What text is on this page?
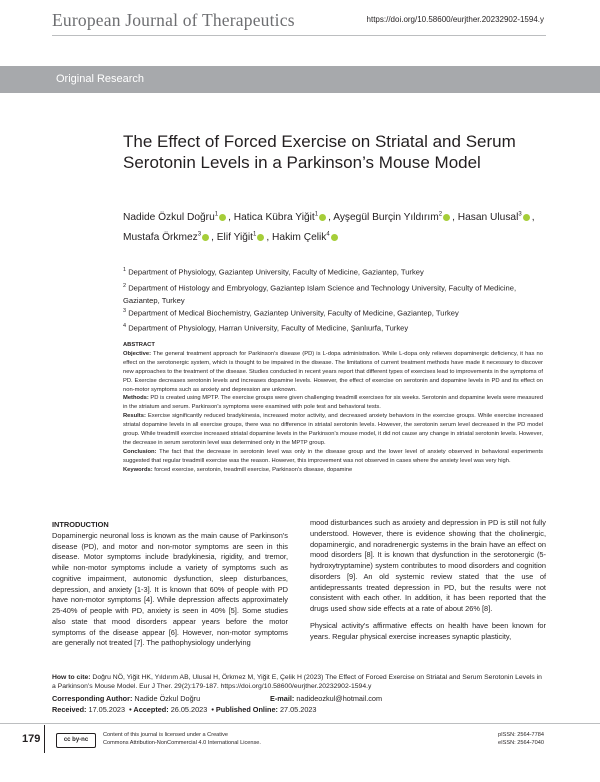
European Journal of Therapeutics	https://doi.org/10.58600/eurjther.20232902-1594.y
Original Research
The Effect of Forced Exercise on Striatal and Serum Serotonin Levels in a Parkinson’s Mouse Model
Nadide Özkul Doğru$^1$ , Hatica Kübra Yiğit$^1$ , Ayşegül Burçin Yıldırım$^2$ , Hasan Ulusal$^3$ , Mustafa Örkmez$^3$ , Elif Yiğit$^1$ , Hakim Çelik$^4$
$^1$ Department of Physiology, Gaziantep University, Faculty of Medicine, Gaziantep, Turkey
$^2$ Department of Histology and Embryology, Gaziantep Islam Science and Technology University, Faculty of Medicine, Gaziantep, Turkey
$^3$ Department of Medical Biochemistry, Gaziantep University, Faculty of Medicine, Gaziantep, Turkey
$^4$ Department of Physiology, Harran University, Faculty of Medicine, Şanlıurfa, Turkey
ABSTRACT
Objective: The general treatment approach for Parkinson's disease (PD) is L-dopa administration. While L-dopa only relieves dopaminergic deficiency, it has no effect on the serotonergic system, which is thought to be impaired in the disease. The limitations of current treatment methods have made it necessary to discover new approaches to the treatment of the disease. Studies conducted in recent years report that different types of exercises lead to improvements in the symptoms of PD. Exercise decreases serotonin levels and increases dopamine levels. However, the effect of exercise on serotonin and dopamine levels in PD and its effect on non-motor symptoms such as anxiety and depression are unknown.
Methods: PD is created using MPTP. The exercise groups were given challenging treadmill exercises for six weeks. Serotonin and dopamine levels were measured in the striatum and serum. Parkinson's symptoms were examined with pole test and behavioral tests.
Results: Exercise significantly reduced bradykinesia, increased motor activity, and decreased anxiety behaviors in the exercise groups. While exercise increased striatal dopamine levels in all exercise groups, there was no difference in striatal serotonin levels. However, the serotonin serum level decreased in the PD model group. While treadmill exercise increased striatal dopamine levels in the Parkinson's mouse model, it did not cause any change in striatal serotonin levels. However, the decrease in serum serotonin level was determined only in the MPTP group.
Conclusion: The fact that the decrease in serotonin level was only in the disease group and the lower level of anxiety observed in behavioral experiments suggested that regular treadmill exercise was the reason. However, this improvement was not observed in cases where the anxiety level was very high.
Keywords: forced exercise, serotonin, treadmill exercise, Parkinson's disease, dopamine
INTRODUCTION
Dopaminergic neuronal loss is known as the main cause of Parkinson's disease (PD), and motor and non-motor symptoms are seen in this disease. Motor symptoms include bradykinesia, rigidity, and tremor, while non-motor symptoms include a variety of symptoms such as cognitive impairment, autonomic dysfunction, sleep disturbances, depression, and anxiety [1-3]. It is known that 60% of people with PD have non-motor symptoms [4]. While depression affects approximately 25-40% of people with PD, anxiety is seen in 40% [5]. Some studies also state that mood disorders appear years before the motor symptoms of the disease appear [6]. However, non-motor symptoms are generally not treated [7]. The pathophysiology underlying
mood disturbances such as anxiety and depression in PD is still not fully understood. However, there is evidence showing that the cholinergic, dopaminergic, and noradrenergic systems in the brain have an effect on mood disorders [8]. It is known that dysfunction in the serotonergic (5-hydroxytryptamine) system contributes to mood disorders and cognition disorders [9]. An old systemic review stated that the use of antidepressants treated depression in PD, but the results were not consistent with each other. In addition, it has been reported that the drugs used show side effects at a rate of about 26% [8].
Physical activity's affirmative effects on health have been known for years. Regular physical exercise increases synaptic plasticity,
How to cite: Doğru NÖ, Yiğit HK, Yıldırım AB, Ulusal H, Örkmez M, Yiğit E, Çelik H (2023) The Effect of Forced Exercise on Striatal and Serum Serotonin Levels in a Parkinson’s Mouse Model. Eur J Ther. 29(2):179-187. https://doi.org/10.58600/eurjther.20232902-1594.y
Corresponding Author: Nadide Özkul Doğru	E-mail: nadideozkul@hotmail.com
Received: 17.05.2023 • Accepted: 26.05.2023 • Published Online: 27.05.2023
179	cc by-nc
Content of this journal is licensed under a Creative
Commons Attribution-NonCommercial 4.0 International License.
pISSN: 2564-7784
eISSN: 2564-7040
